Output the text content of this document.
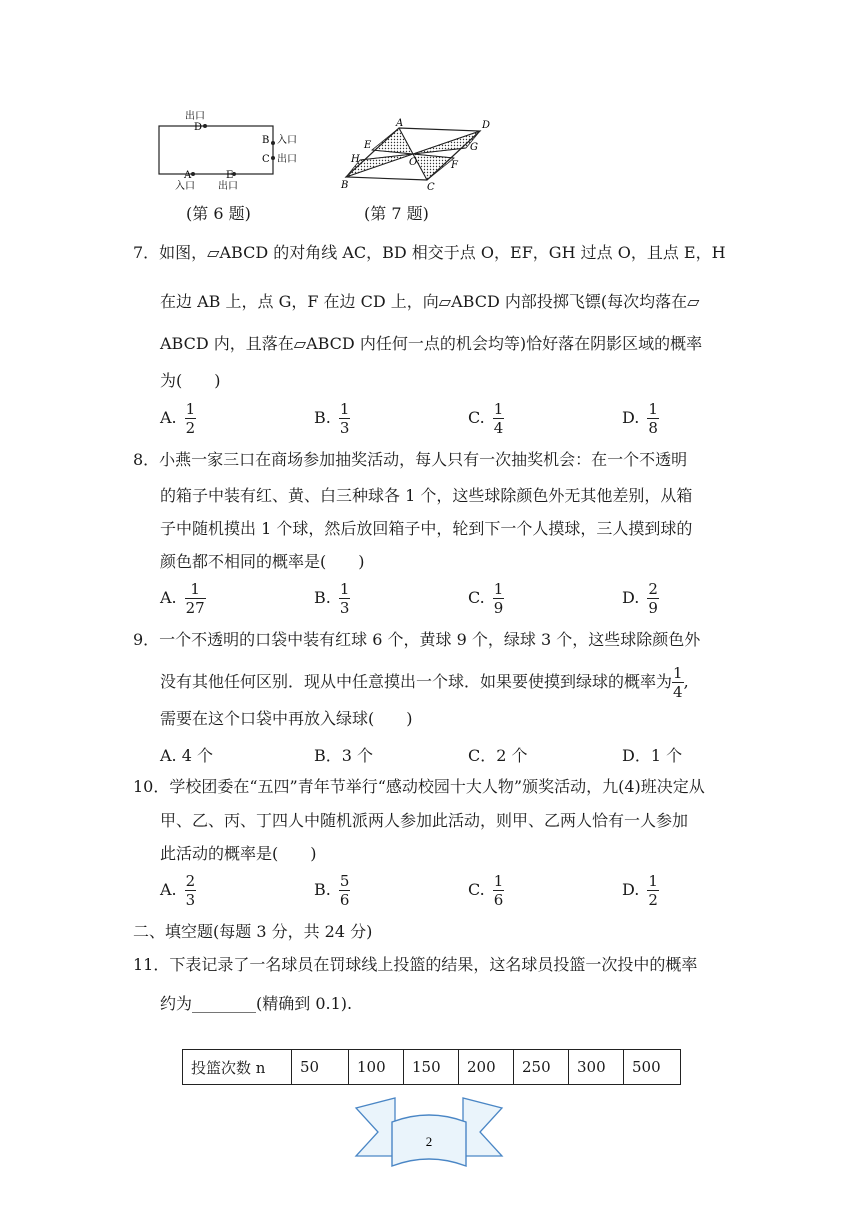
出口
D
B 入口
C 出口
A
入口
E
出口
A	D
E	G
H	O	F
B	C
(第 6 题)	(第 7 题)
7．如图，▱ABCD 的对角线 AC，BD 相交于点 O，EF，GH 过点 O，且点 E，H
在边 AB 上，点 G，F 在边 CD 上，向▱ABCD 内部投掷飞镖(每次均落在▱
ABCD 内，且落在▱ABCD 内任何一点的机会均等)恰好落在阴影区域的概率
为(　　)
A. $\frac{1}{2}$	B. $\frac{1}{3}$	C. $\frac{1}{4}$	D. $\frac{1}{8}$
8．小燕一家三口在商场参加抽奖活动，每人只有一次抽奖机会：在一个不透明
的箱子中装有红、黄、白三种球各 1 个，这些球除颜色外无其他差别，从箱
子中随机摸出 1 个球，然后放回箱子中，轮到下一个人摸球，三人摸到球的
颜色都不相同的概率是(　　)
A. $\frac{1}{27}$	B. $\frac{1}{3}$	C. $\frac{1}{9}$	D. $\frac{2}{9}$
9．一个不透明的口袋中装有红球 6 个，黄球 9 个，绿球 3 个，这些球除颜色外
没有其他任何区别．现从中任意摸出一个球．如果要使摸到绿球的概率为 $\frac{1}{4}$ ,
需要在这个口袋中再放入绿球(　　)
A. 4 个	B．3 个	C．2 个	D．1 个
10．学校团委在“五四”青年节举行“感动校园十大人物”颁奖活动，九(4)班决定从
甲、乙、丙、丁四人中随机派两人参加此活动，则甲、乙两人恰有一人参加
此活动的概率是(　　)
A. $\frac{2}{3}$	B. $\frac{5}{6}$	C. $\frac{1}{6}$	D. $\frac{1}{2}$
二、填空题(每题 3 分，共 24 分)
11．下表记录了一名球员在罚球线上投篮的结果，这名球员投篮一次投中的概率
约为________(精确到 0.1).
投篮次数 n	50	100	150	200	250	300	500
2
